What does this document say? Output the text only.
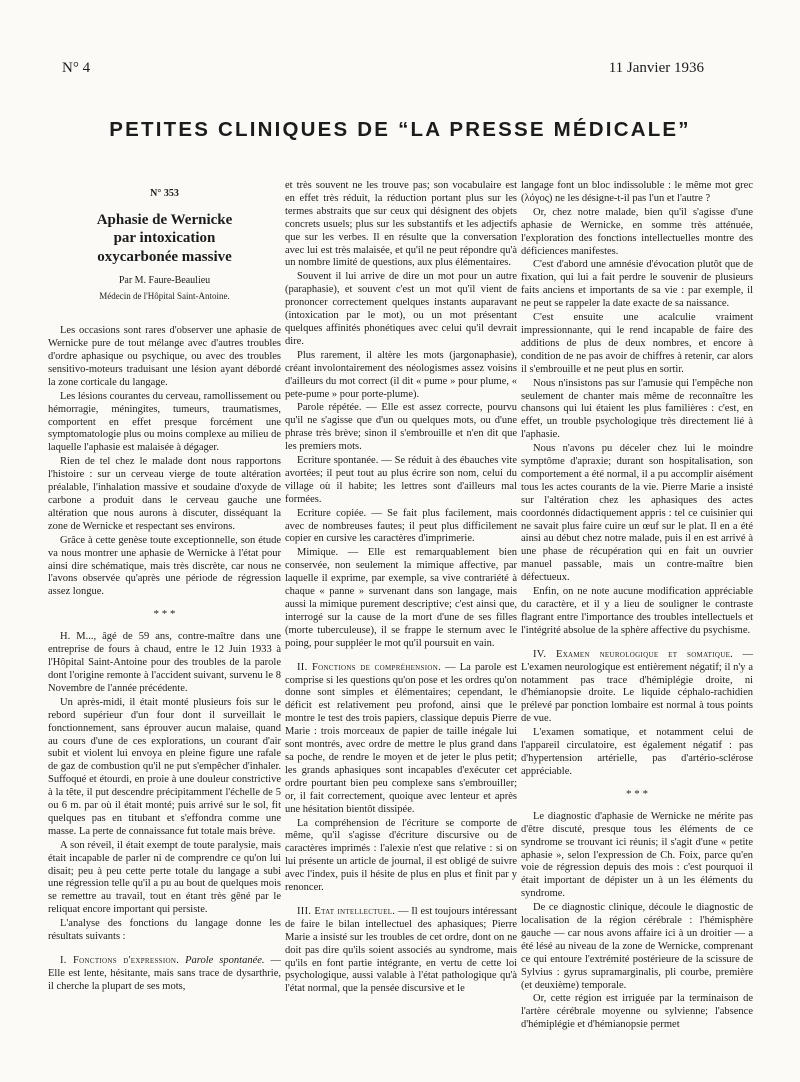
N° 4	11 Janvier 1936
PETITES CLINIQUES DE “LA PRESSE MÉDICALE”
N° 353
Aphasie de Wernicke
par intoxication
oxycarbonée massive
Par M. Faure-Beaulieu
Médecin de l'Hôpital Saint-Antoine.

Les occasions sont rares d'observer une aphasie de Wernicke pure de tout mélange avec d'autres troubles d'ordre aphasique ou psychique, ou avec des troubles sensitivo-moteurs traduisant une lésion ayant débordé la zone corticale du langage.

Les lésions courantes du cerveau, ramollissement ou hémorragie, méningites, tumeurs, traumatismes, comportent en effet presque forcément une symptomatologie plus ou moins complexe au milieu de laquelle l'aphasie est malaisée à dégager.

Rien de tel chez le malade dont nous rapportons l'histoire : sur un cerveau vierge de toute altération préalable, l'inhalation massive et soudaine d'oxyde de carbone a produit dans le cerveau gauche une altération que nous aurons à discuter, disséquant la zone de Wernicke et respectant ses environs.

Grâce à cette genèse toute exceptionnelle, son étude va nous montrer une aphasie de Wernicke à l'état pour ainsi dire schématique, mais très discrète, car nous ne l'avons observée qu'après une période de régression assez longue.

* * *

H. M..., âgé de 59 ans, contre-maître dans une entreprise de fours à chaud, entre le 12 Juin 1933 à l'Hôpital Saint-Antoine pour des troubles de la parole dont l'origine remonte à l'accident suivant, survenu le 8 Novembre de l'année précédente.

Un après-midi, il était monté plusieurs fois sur le rebord supérieur d'un four dont il surveillait le fonctionnement, sans éprouver aucun malaise, quand au cours d'une de ces explorations, un courant d'air subit et violent lui envoya en pleine figure une rafale de gaz de combustion qu'il ne put s'empêcher d'inhaler. Suffoqué et étourdi, en proie à une douleur constrictive à la tête, il put descendre précipitamment l'échelle de 5 ou 6 m. par où il était monté; puis arrivé sur le sol, fit quelques pas en titubant et s'effondra comme une masse. La perte de connaissance fut totale mais brève.

A son réveil, il était exempt de toute paralysie, mais était incapable de parler ni de comprendre ce qu'on lui disait; peu à peu cette perte totale du langage a subi une régression telle qu'il a pu au bout de quelques mois se remettre au travail, tout en étant très gêné par le reliquat encore important qui persiste.

L'analyse des fonctions du langage donne les résultats suivants :

I. Fonctions d'expression. Parole spontanée. — Elle est lente, hésitante, mais sans trace de dysarthrie, il cherche la plupart de ses mots,

et très souvent ne les trouve pas; son vocabulaire est en effet très réduit, la réduction portant plus sur les termes abstraits que sur ceux qui désignent des objets concrets usuels; plus sur les substantifs et les adjectifs que sur les verbes. Il en résulte que la conversation avec lui est très malaisée, et qu'il ne peut répondre qu'à un nombre limité de questions, aux plus élémentaires.

Souvent il lui arrive de dire un mot pour un autre (paraphasie), et souvent c'est un mot qu'il vient de prononcer correctement quelques instants auparavant (intoxication par le mot), ou un mot présentant quelques affinités phonétiques avec celui qu'il devrait dire.

Plus rarement, il altère les mots (jargonaphasie), créant involontairement des néologismes assez voisins d'ailleurs du mot correct (il dit « pume » pour plume, « pete-pume » pour porte-plume).

Parole répétée. — Elle est assez correcte, pourvu qu'il ne s'agisse que d'un ou quelques mots, ou d'une phrase très brève; sinon il s'embrouille et n'en dit que les premiers mots.

Ecriture spontanée. — Se réduit à des ébauches vite avortées; il peut tout au plus écrire son nom, celui du village où il habite; les lettres sont d'ailleurs mal formées.

Ecriture copiée. — Se fait plus facilement, mais avec de nombreuses fautes; il peut plus difficilement copier en cursive les caractères d'imprimerie.

Mimique. — Elle est remarquablement bien conservée, non seulement la mimique affective, par laquelle il exprime, par exemple, sa vive contrariété à chaque « panne » survenant dans son langage, mais aussi la mimique purement descriptive; c'est ainsi que, interrogé sur la cause de la mort d'une de ses filles (morte tuberculeuse), il se frappe le sternum avec le poing, pour suppléer le mot qu'il poursuit en vain.

II. Fonctions de compréhension. — La parole est comprise si les questions qu'on pose et les ordres qu'on donne sont simples et élémentaires; cependant, le déficit est relativement peu profond, ainsi que le montre le test des trois papiers, classique depuis Pierre Marie : trois morceaux de papier de taille inégale lui sont montrés, avec ordre de mettre le plus grand dans sa poche, de rendre le moyen et de jeter le plus petit; les grands aphasiques sont incapables d'exécuter cet ordre pourtant bien peu complexe sans s'embrouiller; or, il fait correctement, quoique avec lenteur et après une hésitation bientôt dissipée.

La compréhension de l'écriture se comporte de même, qu'il s'agisse d'écriture discursive ou de caractères imprimés : l'alexie n'est que relative : si on lui présente un article de journal, il est obligé de suivre avec l'index, puis il hésite de plus en plus et finit par y renoncer.

III. Etat intellectuel. — Il est toujours intéressant de faire le bilan intellectuel des aphasiques; Pierre Marie a insisté sur les troubles de cet ordre, dont on ne doit pas dire qu'ils soient associés au syndrome, mais qu'ils en font partie intégrante, en vertu de cette loi psychologique, aussi valable à l'état pathologique qu'à l'état normal, que la pensée discursive et le

langage font un bloc indissoluble : le même mot grec (λόγος) ne les désigne-t-il pas l'un et l'autre ?

Or, chez notre malade, bien qu'il s'agisse d'une aphasie de Wernicke, en somme très atténuée, l'exploration des fonctions intellectuelles montre des déficiences manifestes.

C'est d'abord une amnésie d'évocation plutôt que de fixation, qui lui a fait perdre le souvenir de plusieurs faits anciens et importants de sa vie : par exemple, il ne peut se rappeler la date exacte de sa naissance.

C'est ensuite une acalculie vraiment impressionnante, qui le rend incapable de faire des additions de plus de deux nombres, et encore à condition de ne pas avoir de chiffres à retenir, car alors il s'embrouille et ne peut plus en sortir.

Nous n'insistons pas sur l'amusie qui l'empêche non seulement de chanter mais même de reconnaître les chansons qui lui étaient les plus familières : c'est, en effet, un trouble psychologique très directement lié à l'aphasie.

Nous n'avons pu déceler chez lui le moindre symptôme d'apraxie; durant son hospitalisation, son comportement a été normal, il a pu accomplir aisément tous les actes courants de la vie. Pierre Marie a insisté sur l'altération chez les aphasiques des actes coordonnés didactiquement appris : tel ce cuisinier qui ne savait plus faire cuire un œuf sur le plat. Il en a été ainsi au début chez notre malade, puis il en est arrivé à une phase de récupération qui en fait un ouvrier manuel passable, mais un contre-maître bien défectueux.

Enfin, on ne note aucune modification appréciable du caractère, et il y a lieu de souligner le contraste flagrant entre l'importance des troubles intellectuels et l'intégrité absolue de la sphère affective du psychisme.

IV. Examen neurologique et somatique. — L'examen neurologique est entièrement négatif; il n'y a notamment pas trace d'hémiplégie droite, ni d'hémianopsie droite. Le liquide céphalo-rachidien prélevé par ponction lombaire est normal à tous points de vue.

L'examen somatique, et notamment celui de l'appareil circulatoire, est également négatif : pas d'hypertension artérielle, pas d'artério-sclérose appréciable.

* * *

Le diagnostic d'aphasie de Wernicke ne mérite pas d'être discuté, presque tous les éléments de ce syndrome se trouvant ici réunis; il s'agit d'une « petite aphasie », selon l'expression de Ch. Foix, parce qu'en voie de régression depuis des mois : c'est pourquoi il était important de dépister un à un les éléments du syndrome.

De ce diagnostic clinique, découle le diagnostic de localisation de la région cérébrale : l'hémisphère gauche — car nous avons affaire ici à un droitier — a été lésé au niveau de la zone de Wernicke, comprenant ce qui entoure l'extrémité postérieure de la scissure de Sylvius : gyrus supramarginalis, pli courbe, première (et deuxième) temporale.

Or, cette région est irriguée par la terminaison de l'artère cérébrale moyenne ou sylvienne; l'absence d'hémiplégie et d'hémianopsie permet
